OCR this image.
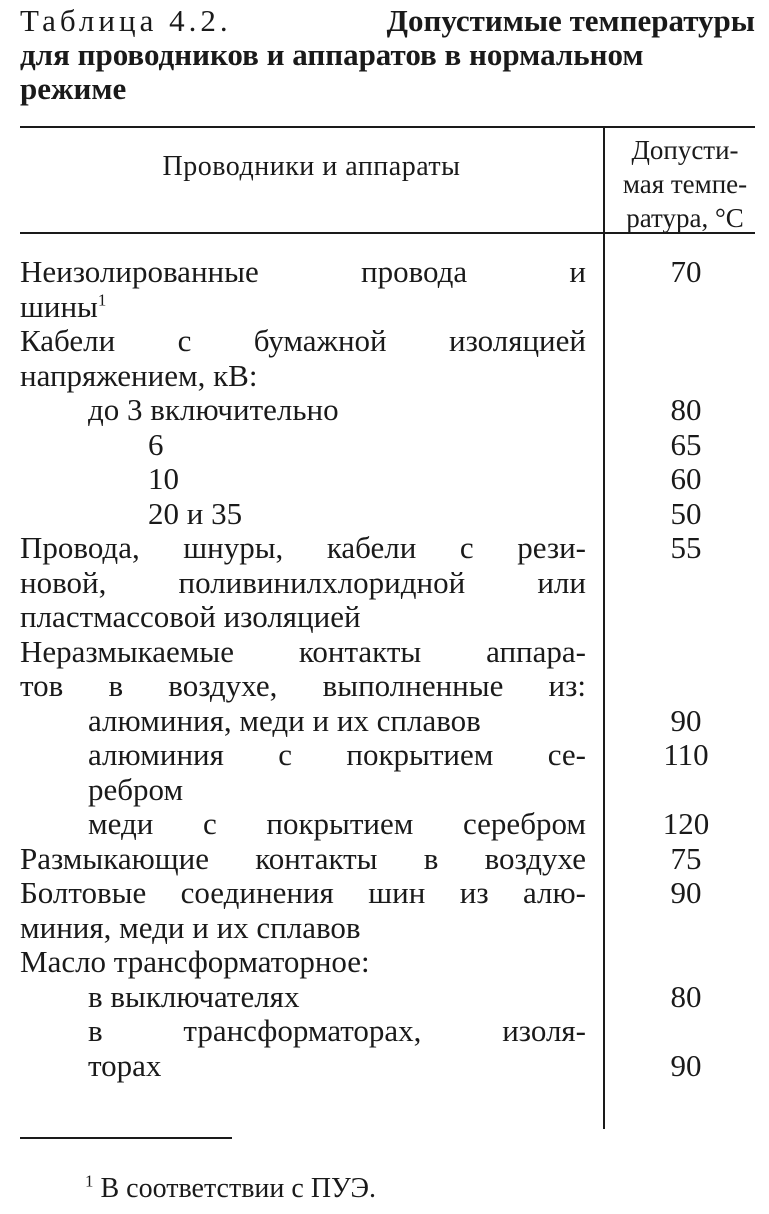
Таблица 4.2.	Допустимые температуры
для проводников и аппаратов в нормальном
режиме
Проводники и аппараты
Допусти-
мая темпе-
ратура, °C
Неизолированные провода и	70
шины$^1$
Кабели с бумажной изоляцией
напряжением, кВ:
до 3 включительно	80
6	65
10	60
20 и 35	50
Провода, шнуры, кабели с рези-	55
новой, поливинилхлоридной или
пластмассовой изоляцией
Неразмыкаемые контакты аппара-
тов в воздухе, выполненные из:
алюминия, меди и их сплавов	90
алюминия с покрытием се-	110
ребром
меди с покрытием серебром	120
Размыкающие контакты в воздухе	75
Болтовые соединения шин из алю-	90
миния, меди и их сплавов
Масло трансформаторное:
в выключателях	80
в трансформаторах, изоля-
торах	90
$^1$ В соответствии с ПУЭ.
